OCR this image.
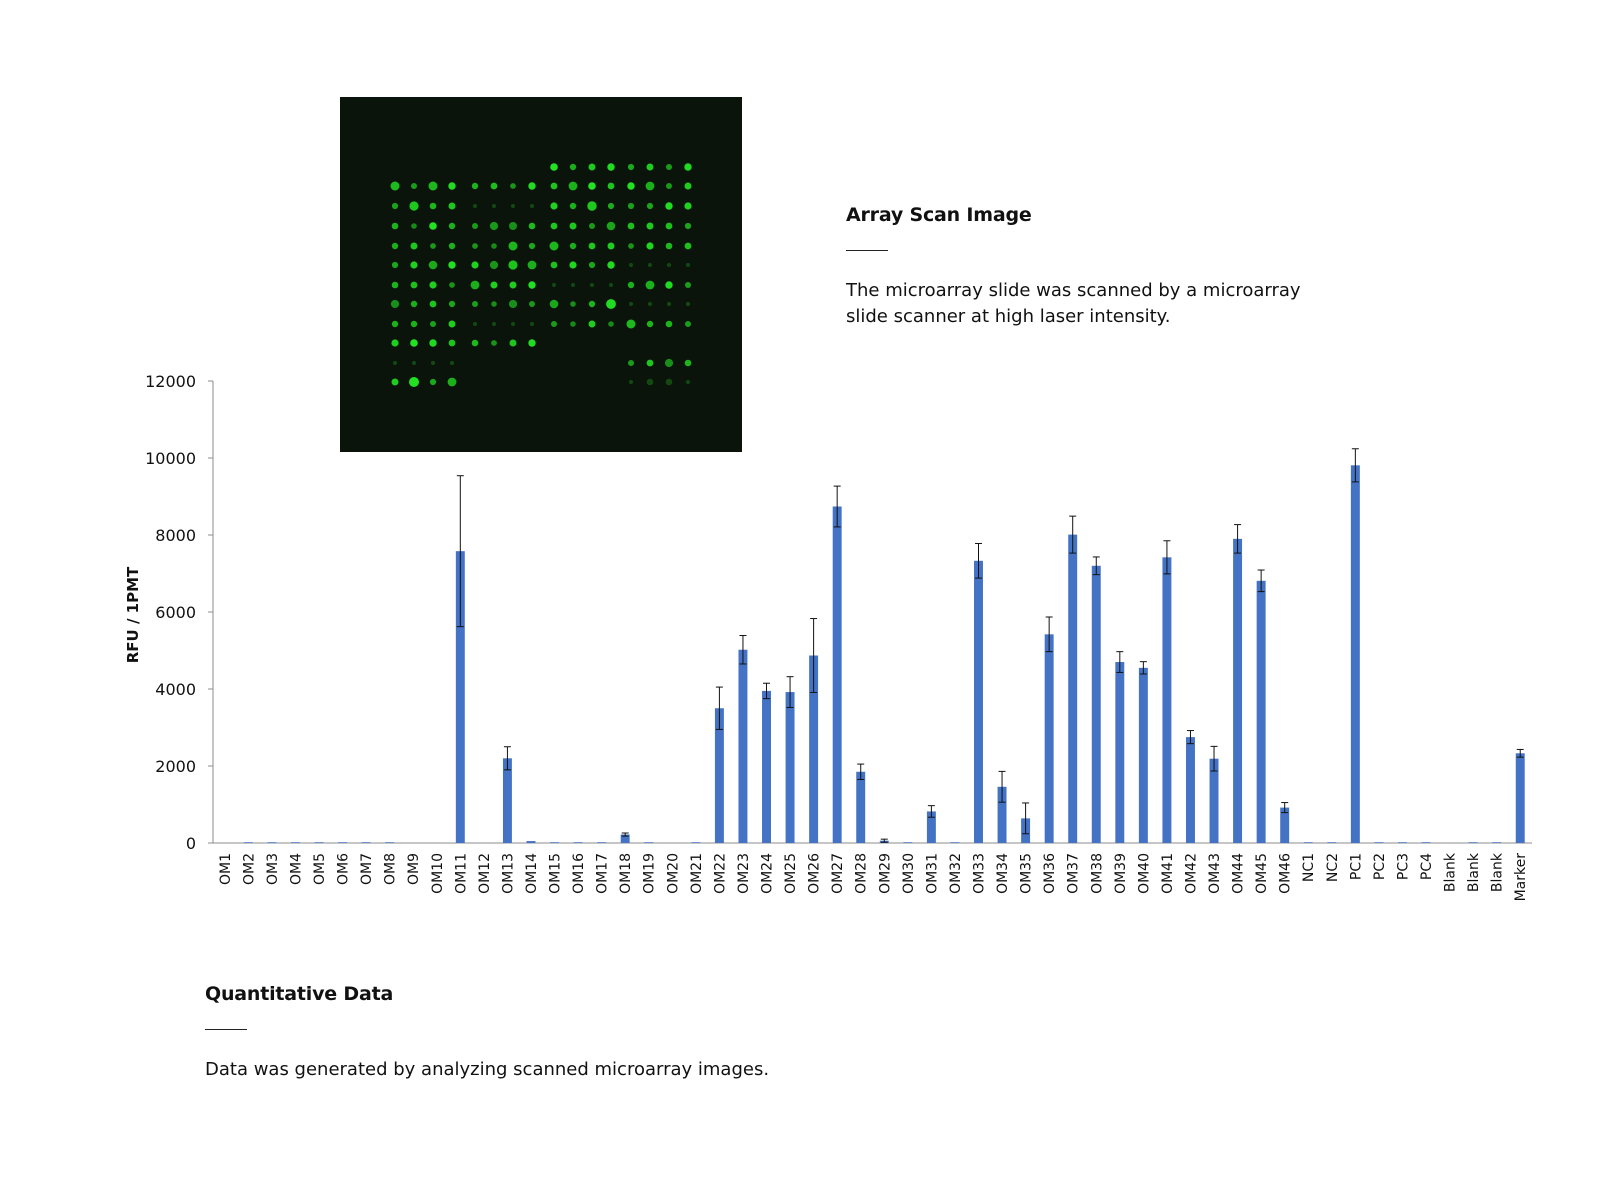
RFU / 1PMT
0
2000
4000
6000
8000
10000
12000
OM1 OM2 OM3 OM4 OM5 OM6 OM7 OM8 OM9 OM10 OM11 OM12 OM13 OM14 OM15 OM16 OM17 OM18 OM19 OM20 OM21 OM22 OM23 OM24 OM25 OM26 OM27 OM28 OM29 OM30 OM31 OM32 OM33 OM34 OM35 OM36 OM37 OM38 OM39 OM40 OM41 OM42 OM43 OM44 OM45 OM46 NC1 NC2 PC1 PC2 PC3 PC4 Blank Blank Blank Marker
Array Scan Image
The microarray slide was scanned by a microarray slide scanner at high laser intensity.
Quantitative Data
Data was generated by analyzing scanned microarray images.
